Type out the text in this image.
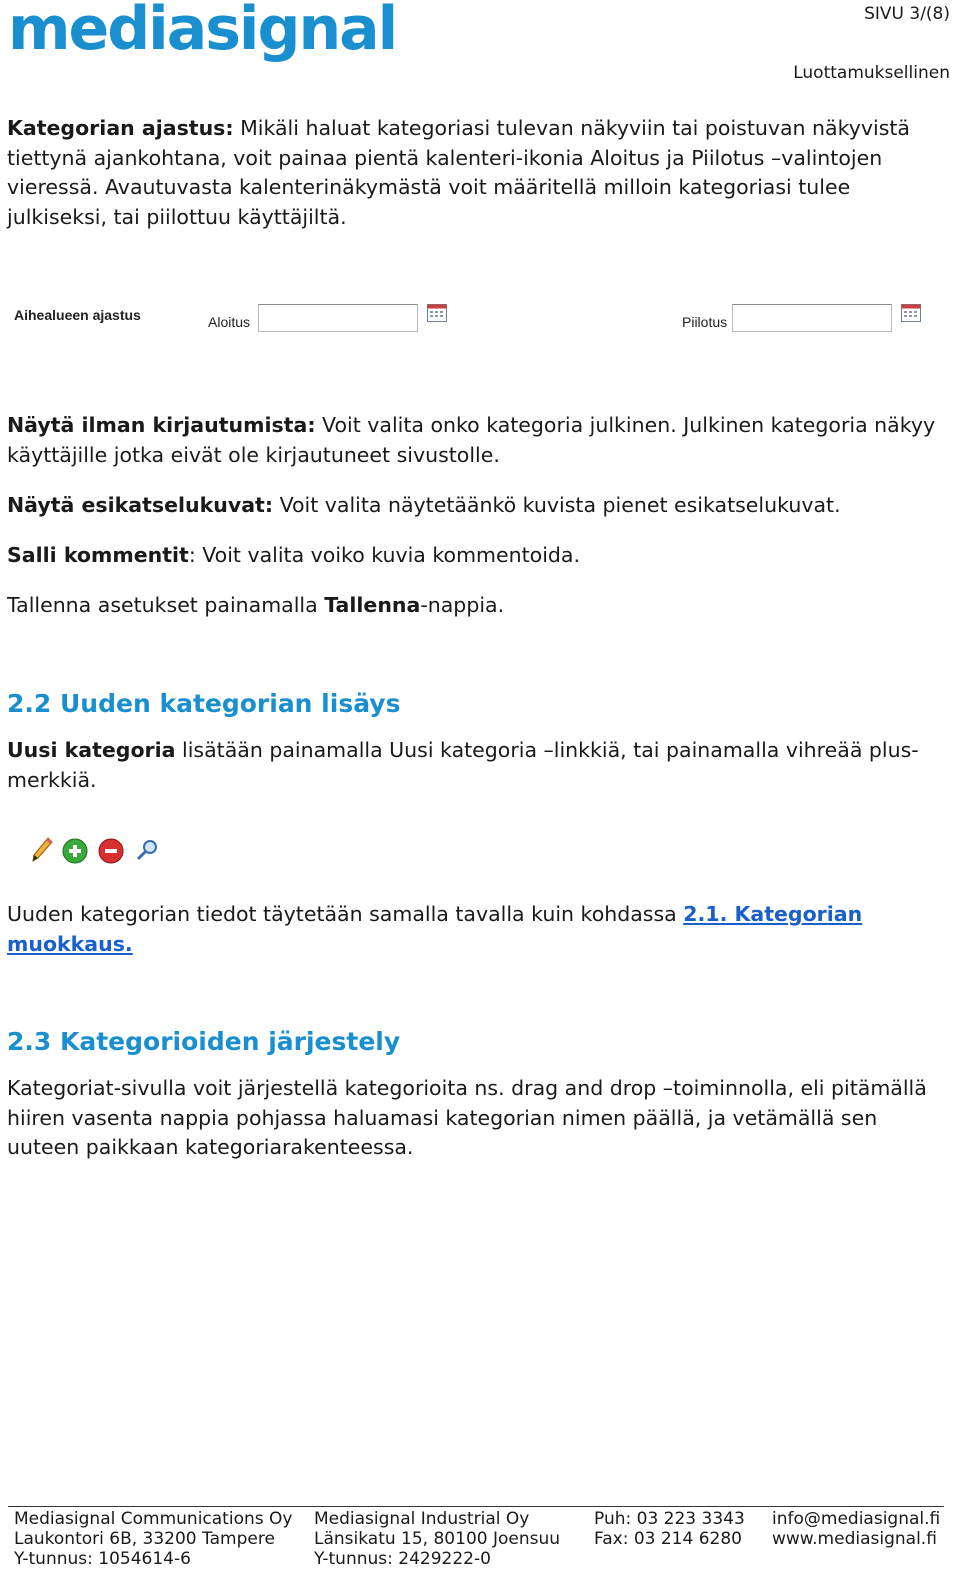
mediasignal	SIVU 3/(8)
Luottamuksellinen

Kategorian ajastus: Mikäli haluat kategoriasi tulevan näkyviin tai poistuvan näkyvistä tiettynä ajankohtana, voit painaa pientä kalenteri-ikonia Aloitus ja Piilotus –valintojen vieressä. Avautuvasta kalenterinäkymästä voit määritellä milloin kategoriasi tulee julkiseksi, tai piilottuu käyttäjiltä.

Aihealueen ajastus	Aloitus	Piilotus

Näytä ilman kirjautumista: Voit valita onko kategoria julkinen. Julkinen kategoria näkyy käyttäjille jotka eivät ole kirjautuneet sivustolle.

Näytä esikatselukuvat: Voit valita näytetäänkö kuvista pienet esikatselukuvat.

Salli kommentit: Voit valita voiko kuvia kommentoida.

Tallenna asetukset painamalla Tallenna-nappia.

2.2 Uuden kategorian lisäys

Uusi kategoria lisätään painamalla Uusi kategoria –linkkiä, tai painamalla vihreää plus-merkkiä.

Uuden kategorian tiedot täytetään samalla tavalla kuin kohdassa 2.1. Kategorian muokkaus.

2.3 Kategorioiden järjestely

Kategoriat-sivulla voit järjestellä kategorioita ns. drag and drop –toiminnolla, eli pitämällä hiiren vasenta nappia pohjassa haluamasi kategorian nimen päällä, ja vetämällä sen uuteen paikkaan kategoriarakenteessa.

Mediasignal Communications Oy
Laukontori 6B, 33200 Tampere
Y-tunnus: 1054614-6
Mediasignal Industrial Oy
Länsikatu 15, 80100 Joensuu
Y-tunnus: 2429222-0
Puh: 03 223 3343
Fax: 03 214 6280
info@mediasignal.fi
www.mediasignal.fi
